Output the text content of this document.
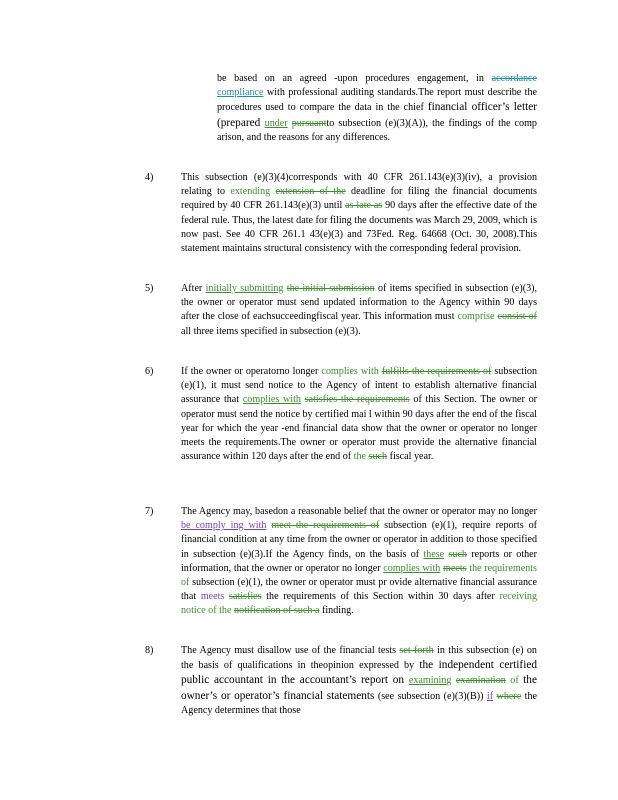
be based on an agreed -upon procedures engagement, in accordance compliance with professional auditing standards.The report must describe the procedures used to compare the data in the chief financial officer’s letter (prepared under pursuantto subsection (e)(3)(A)), the findings of the comp arison, and the reasons for any differences.
4)	This subsection (e)(3)(4)corresponds with 40 CFR 261.143(e)(3)(iv), a provision relating to extending extension of the deadline for filing the financial documents required by 40 CFR 261.143(e)(3) until as late as 90 days after the effective date of the federal rule. Thus, the latest date for filing the documents was March 29, 2009, which is now past. See 40 CFR 261.1 43(e)(3) and 73Fed. Reg. 64668 (Oct. 30, 2008).This statement maintains structural consistency with the corresponding federal provision.
5)	After initially submitting the initial submission of items specified in subsection (e)(3), the owner or operator must send updated information to the Agency within 90 days after the close of eachsucceedingfiscal year. This information must comprise consist of all three items specified in subsection (e)(3).
6)	If the owner or operatorno longer complies with fulfills the requirements of subsection (e)(1), it must send notice to the Agency of intent to establish alternative financial assurance that complies with satisfies the requirements of this Section. The owner or operator must send the notice by certified mai l within 90 days after the end of the fiscal year for which the year -end financial data show that the owner or operator no longer meets the requirements.The owner or operator must provide the alternative financial assurance within 120 days after the end of the such fiscal year.
7)	The Agency may, basedon a reasonable belief that the owner or operator may no longer be comply ing with meet the requirements of subsection (e)(1), require reports of financial condition at any time from the owner or operator in addition to those specified in subsection (e)(3).If the Agency finds, on the basis of these such reports or other information, that the owner or operator no longer complies with meets the requirements of subsection (e)(1), the owner or operator must pr ovide alternative financial assurance that meets satisfies the requirements of this Section within 30 days after receiving notice of the notification of such a finding.
8)	The Agency must disallow use of the financial tests set forth in this subsection (e) on the basis of qualifications in theopinion expressed by the independent certified public accountant in the accountant’s report on examining examination of the owner’s or operator’s financial statements (see subsection (e)(3)(B)) if where the Agency determines that those
